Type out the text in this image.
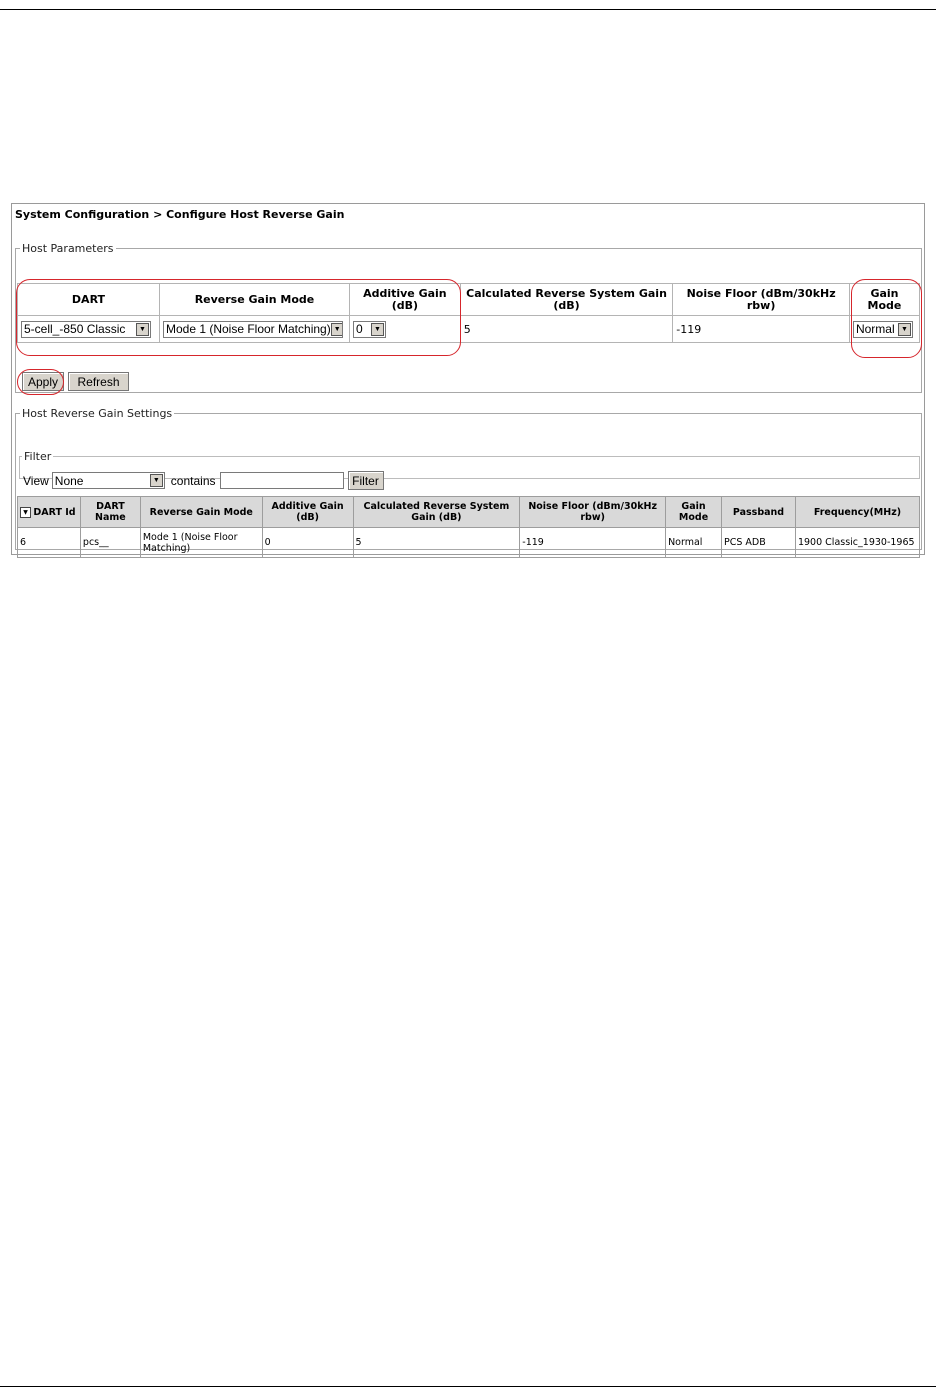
System Configuration > Configure Host Reverse Gain
Host Parameters
DART	Reverse Gain Mode	Additive Gain (dB)	Calculated Reverse System Gain (dB)	Noise Floor (dBm/30kHz rbw)	Gain Mode

5-cell_-850 Classic ▼	Mode 1 (Noise Floor Matching) ▼	0 ▼	5	-119	Normal ▼
Apply	Refresh
Host Reverse Gain Settings
Filter
View None	▼ contains	Filter
▼ DART Id	DART Name	Reverse Gain Mode	Additive Gain (dB)	Calculated Reverse System Gain (dB)	Noise Floor (dBm/30kHz rbw)	Gain Mode	Passband	Frequency(MHz)
6	pcs__	Mode 1 (Noise Floor Matching)	0	5	-119	Normal	PCS ADB	1900 Classic_1930-1965
